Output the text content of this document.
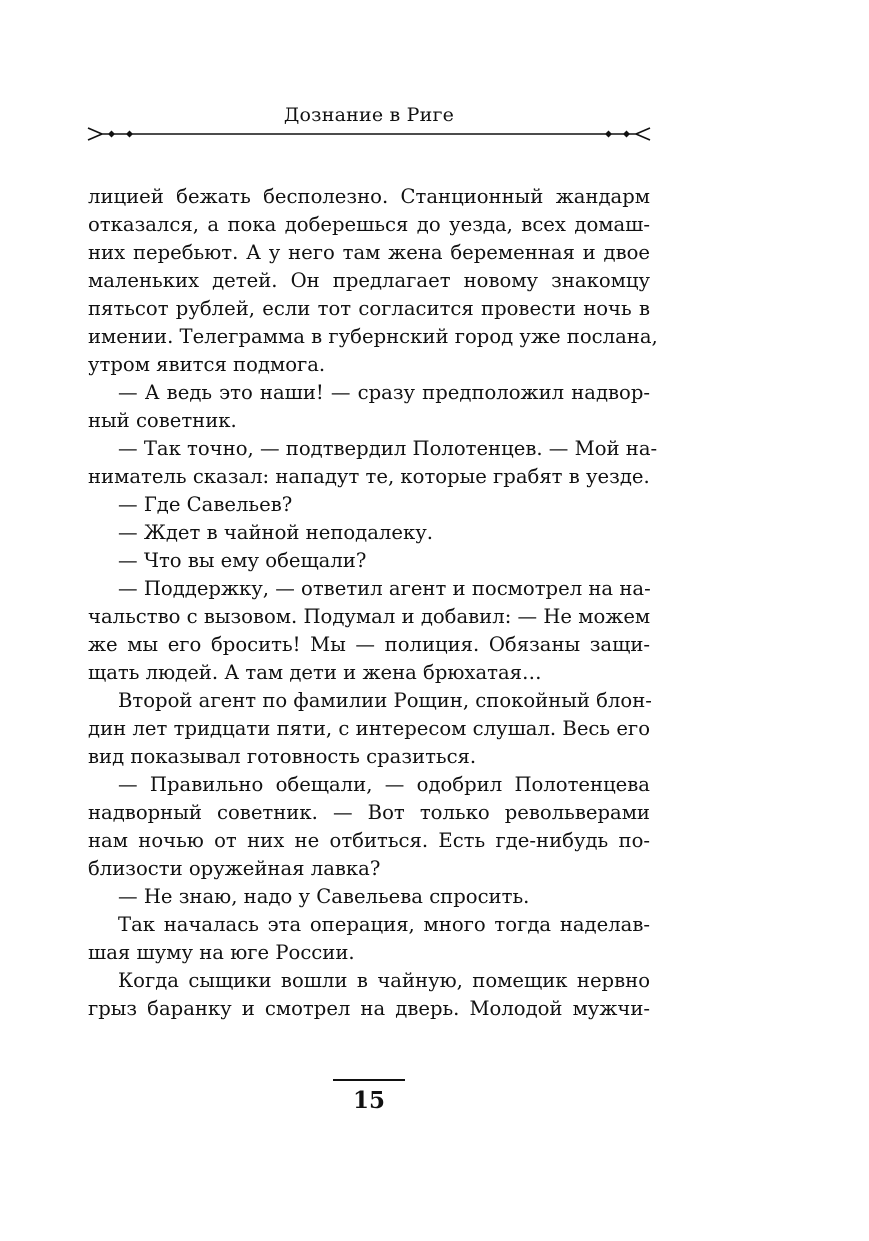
Дознание в Риге
лицией бежать бесполезно. Станционный жандарм
отказался, а пока доберешься до уезда, всех домаш-
них перебьют. А у него там жена беременная и двое
маленьких детей. Он предлагает новому знакомцу
пятьсот рублей, если тот согласится провести ночь в
имении. Телеграмма в губернский город уже послана,
утром явится подмога.
— А ведь это наши! — сразу предположил надвор-
ный советник.
— Так точно, — подтвердил Полотенцев. — Мой на-
ниматель сказал: нападут те, которые грабят в уезде.
— Где Савельев?
— Ждет в чайной неподалеку.
— Что вы ему обещали?
— Поддержку, — ответил агент и посмотрел на на-
чальство с вызовом. Подумал и добавил: — Не можем
же мы его бросить! Мы — полиция. Обязаны защи-
щать людей. А там дети и жена брюхатая…
Второй агент по фамилии Рощин, спокойный блон-
дин лет тридцати пяти, с интересом слушал. Весь его
вид показывал готовность сразиться.
— Правильно обещали, — одобрил Полотенцева
надворный советник. — Вот только револьверами
нам ночью от них не отбиться. Есть где-нибудь по-
близости оружейная лавка?
— Не знаю, надо у Савельева спросить.
Так началась эта операция, много тогда наделав-
шая шуму на юге России.
Когда сыщики вошли в чайную, помещик нервно
грыз баранку и смотрел на дверь. Молодой мужчи-
15
